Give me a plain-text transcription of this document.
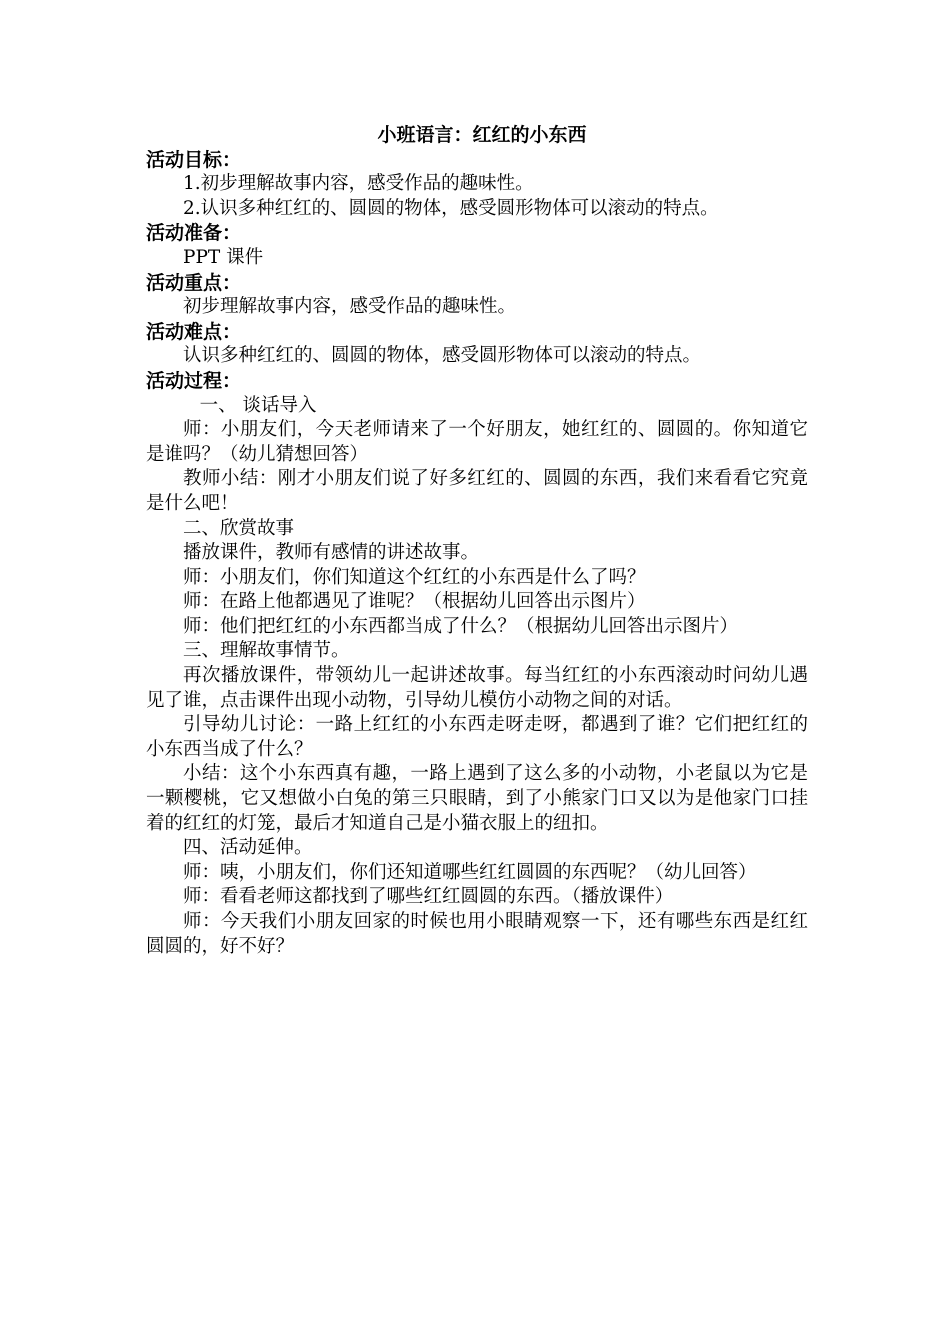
小班语言：红红的小东西

活动目标：

1.初步理解故事内容，感受作品的趣味性。

2.认识多种红红的、圆圆的物体，感受圆形物体可以滚动的特点。

活动准备：

PPT 课件

活动重点：

初步理解故事内容，感受作品的趣味性。

活动难点：

认识多种红红的、圆圆的物体，感受圆形物体可以滚动的特点。

活动过程：

一、 谈话导入

师：小朋友们，今天老师请来了一个好朋友，她红红的、圆圆的。你知道它是谁吗？（幼儿猜想回答）

教师小结：刚才小朋友们说了好多红红的、圆圆的东西，我们来看看它究竟是什么吧！

二、欣赏故事

播放课件，教师有感情的讲述故事。

师：小朋友们，你们知道这个红红的小东西是什么了吗？

师：在路上他都遇见了谁呢？（根据幼儿回答出示图片）

师：他们把红红的小东西都当成了什么？（根据幼儿回答出示图片）

三、理解故事情节。

再次播放课件，带领幼儿一起讲述故事。每当红红的小东西滚动时问幼儿遇见了谁，点击课件出现小动物，引导幼儿模仿小动物之间的对话。

引导幼儿讨论：一路上红红的小东西走呀走呀，都遇到了谁？它们把红红的小东西当成了什么？

小结：这个小东西真有趣，一路上遇到了这么多的小动物，小老鼠以为它是一颗樱桃，它又想做小白兔的第三只眼睛，到了小熊家门口又以为是他家门口挂着的红红的灯笼，最后才知道自己是小猫衣服上的纽扣。

四、活动延伸。

师：咦，小朋友们，你们还知道哪些红红圆圆的东西呢？（幼儿回答）

师：看看老师这都找到了哪些红红圆圆的东西。（播放课件）

师：今天我们小朋友回家的时候也用小眼睛观察一下，还有哪些东西是红红圆圆的，好不好？
